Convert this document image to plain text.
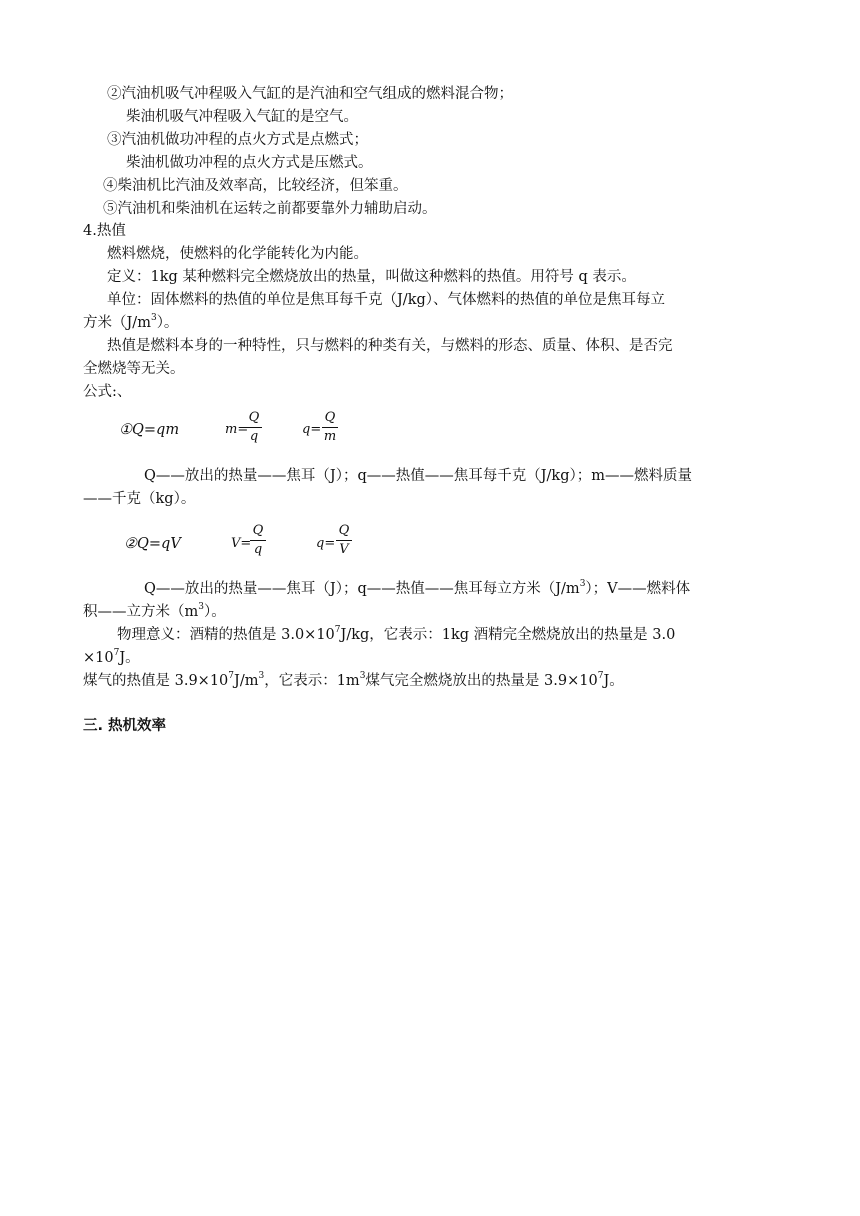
②汽油机吸气冲程吸入气缸的是汽油和空气组成的燃料混合物；
柴油机吸气冲程吸入气缸的是空气。
③汽油机做功冲程的点火方式是点燃式；
柴油机做功冲程的点火方式是压燃式。
④柴油机比汽油及效率高，比较经济，但笨重。
⑤汽油机和柴油机在运转之前都要靠外力辅助启动。
4.热值
燃料燃烧，使燃料的化学能转化为内能。
定义：1kg 某种燃料完全燃烧放出的热量，叫做这种燃料的热值。用符号 q 表示。
单位：固体燃料的热值的单位是焦耳每千克（J/kg）、气体燃料的热值的单位是焦耳每立
方米$(J/m^3)$。
热值是燃料本身的一种特性，只与燃料的种类有关，与燃料的形态、质量、体积、是否完
全燃烧等无关。
公式:、
①Q=qm	m=
Q
q	q=
Q
m
Q——放出的热量——焦耳（J）；q——热值——焦耳每千克（J/kg）；m——燃料质量
——千克（kg）。
②Q=qV	V=
Q
q	q=
Q
V
Q——放出的热量——焦耳（J）；q——热值——焦耳每立方米$(J/m^3)$；V——燃料体
积——立方米$(m^3)$。
物理意义：酒精的热值是 $3.0\times 10^7J/kg$，它表示：1kg 酒精完全燃烧放出的热量是 3.0
$\times 10^7J$。
煤气的热值是 $3.9\times 10^7J/m^3$，它表示：$1m^3$煤气完全燃烧放出的热量是 $3.9\times 10^7J$。
三. 热机效率
